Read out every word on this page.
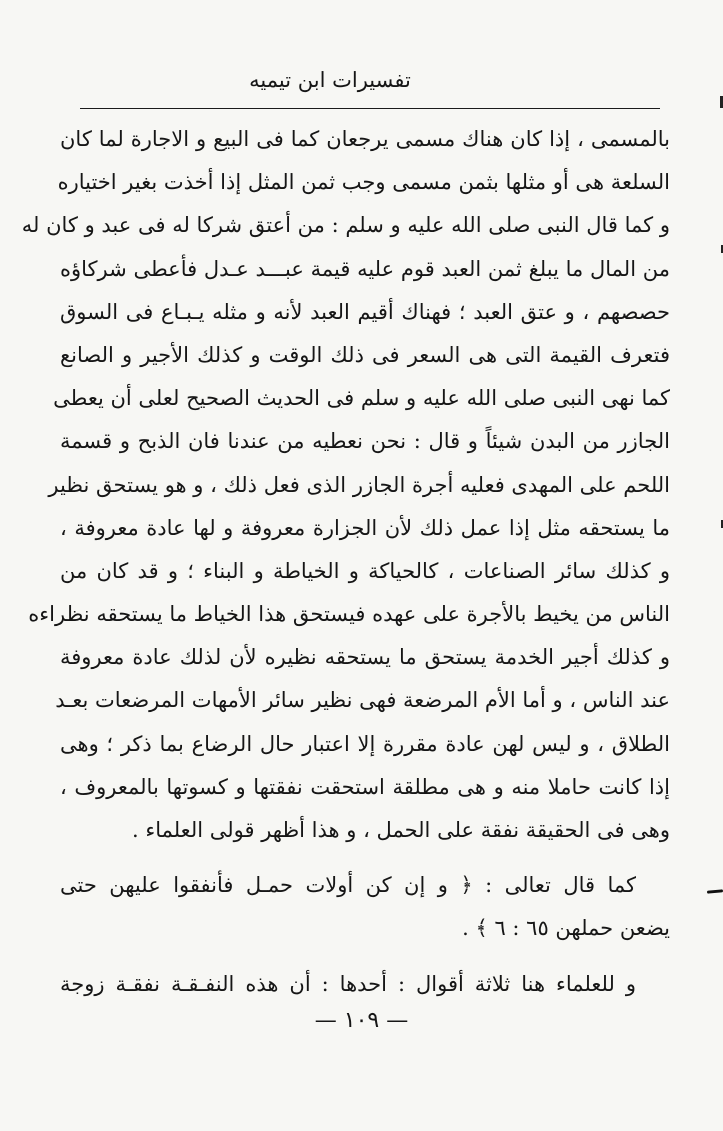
تفسيرات ابن تيميه
بالمسمى ، إذا كان هناك مسمى يرجعان كما فى البيع و الاجارة لما كان
السلعة هى أو مثلها بثمن مسمى وجب ثمن المثل إذا أخذت بغير اختياره
و كما قال النبى صلى الله عليه و سلم : من أعتق شركا له فى عبد و كان له
من المال ما يبلغ ثمن العبد قوم عليه قيمة عبـــد عـدل فأعطى شركاؤه
حصصهم ، و عتق العبد ؛ فهناك أقيم العبد لأنه و مثله يـبـاع فى السوق
فتعرف القيمة التى هى السعر فى ذلك الوقت و كذلك الأجير و الصانع
كما نهى النبى صلى الله عليه و سلم فى الحديث الصحيح لعلى أن يعطى
الجازر من البدن شيئاً و قال : نحن نعطيه من عندنا فان الذبح و قسمة
اللحم على المهدى فعليه أجرة الجازر الذى فعل ذلك ، و هو يستحق نظير
ما يستحقه مثل إذا عمل ذلك لأن الجزارة معروفة و لها عادة معروفة ،
و كذلك سائر الصناعات ، كالحياكة و الخياطة و البناء ؛ و قد كان من
الناس من يخيط بالأجرة على عهده فيستحق هذا الخياط ما يستحقه نظراءه
و كذلك أجير الخدمة يستحق ما يستحقه نظيره لأن لذلك عادة معروفة
عند الناس ، و أما الأم المرضعة فهى نظير سائر الأمهات المرضعات بعـد
الطلاق ، و ليس لهن عادة مقررة إلا اعتبار حال الرضاع بما ذكر ؛ وهى
إذا كانت حاملا منه و هى مطلقة استحقت نفقتها و كسوتها بالمعروف ،
وهى فى الحقيقة نفقة على الحمل ، و هذا أظهر قولى العلماء .
كما قال تعالى : ﴿ و إن كن أولات حمـل فأنفقوا عليهن حتى
يضعن حملهن ٦٥ : ٦ ﴾ .
و للعلماء هنا ثلاثة أقوال : أحدها : أن هذه النفـقـة نفقـة زوجة
— ١٠٩ —
